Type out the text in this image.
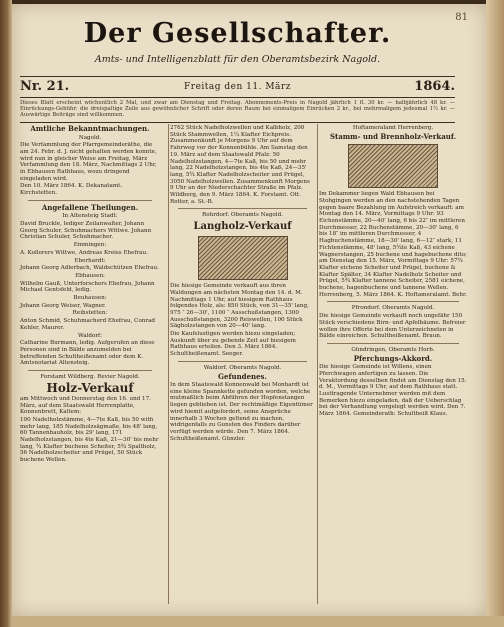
81
Der Gesellschafter.
Amts- und Intelligenzblatt für den Oberamtsbezirk Nagold.
Nr. 21.	Freitag den 11. März	1864.
Dieses Blatt erscheint wöchentlich 2 Mal, und zwar am Dienstag und Freitag. Abonnements-Preis in Nagold jährlich 1 fl. 30 kr. — halbjährlich 48 kr. — Einrückungs-Gebühr: die dreispaltige Zeile aus gewöhnlicher Schrift oder deren Raum bei einmaligem Einrücken 2 kr., bei mehrmaligem jedesmal 1½ kr. — Auswärtige Beiträge sind willkommen.

Amtliche Bekanntmachungen.

Nagold.

Die Verfammlung der Pfarrgemeinderäthe, die am 24. Febr. d. J. nicht gehalten werden konnte, wird nun in gleicher Weise am Freitag, März Verfammlung den 18. März, Nachmittags 2 Uhr, in Ebhausen Rathhaus, wozu dringend eingeladen wird.

Den 10. März 1864. K. Dekanatamt. Kirchstetten.

Angefallene Theilungen.

In Altensteig Stadt:

David Bruckle, lediger Zeilanwalter, Johann Georg Schuler, Schuhmachers Wittwe. Johann Christian Schuler, Schuhmacher.

Emmingen:

A. Kollerers Wittwe, Andreas Kreiss Ehefrau.

Eberhardt:

Johann Georg Adlerbach, Waldschützen Ehefrau.

Ebhausen:

Wilhelm Gauß, Unterforschers Ehefrau, Johann Michael Gentsfeld, ledig.

Beuhausen:

Johann Georg Weiser, Wagner.

Reihstetten:

Anton Schmid, Schuhmacherd Ehefrau, Conrad Kehler, Maurer.

Waldorf:

Catharine Burmann, ledig. Aufgerufen an diese Personen sind in Bälde anzumelden bei betreffenden Schultheißenamt oder dem K. Amtsnotariat Altensteig.

Forstamt Wildberg. Revier Nagold.

Holz-Verkauf

am Mittwoch und Donnerstag den 16. und 17. März, auf dem Staatswald Herrenplatte, Konnenbrett, Kaltem:

190 Nadelholzstämme, 4—7te Kaß, bis 50 with mehr lang, 185 Nadelholzsägmaße, bis 48' lang, 60 Tannenbauholz, bis 29' lang, 171 Nadelholzstangen, bis 4te Kaß, 21—30' bis mehr lang, ¾ Klafter buchene Scheiter, 5¾ Spaltholz, 56 Nadelholzscheiter und Prügel, 50 Stück buchene Wellen.

2762 Stück Nadelholzwellen und Kalbholz, 200 Stück Stammwellen, 1¼ Klafter Eichpreis. Zusammenkunft je Morgens 9 Uhr auf dem Fahrweg vor der Konnenbühle. Am Samstag den 19. März auf dem Staatswald Pfalz: 50 Nadelholzstangen, 4—7te Kaß, bis 50 und mehr lang, 22 Nadelholzstangen, bis 4te Kaß, 24—35' lang, 5¾ Klafter Nadelholzscheiter und Prügel, 3050 Nadelholzwellen. Zusammenkunft Morgens 9 Uhr an der Niederschachter Straße im Pfalz. Wildberg, den 9. März 1864. K. Forstamt. Ott. Rotter, a. St.-B.

Rohrdorf. Oberamts Nagold.

Langholz-Verkauf

Die hiesige Gemeinde verkauft aus ihren Waldungen am nächsten Montag den 14. d. M. Nachmittags 1 Uhr, auf hiesigem Rathhaus folgendes Holz, als: 850 Stück, von 31—35' lang, 975 ″ 26—30', 1100 ″ Ausschußstangen, 1300 Ausschußstangen, 3200 Reiswellen, 100 Stück Sägholzstangen von 20—40' lang.

Die Kaufslustigen werden hiezu eingeladen; Auskunft über zu gebende Zeit auf hiesigem Rathhaus erteilen. Den 3. März 1864. Schultheißenamt. Seeger.

Waldorf. Oberamts Nagold.

Gefundenes.

In dem Staatswald Konnenwald bei Monhardt ist eine kleine Spannkette gefunden worden, welche mutmaßlich beim Abführen der Hopfenstangen liegen geblieben ist. Der rechtmäßige Eigentümer wird hiemit aufgefordert, seine Ansprüche innerhalb 3 Wochen geltend zu machen, widrigenfalls zu Gunsten des Finders darüber verfügt werden würde. Den 7. März 1864. Schultheißenamt. Günzler.

Hoftameralamt Herrenberg.

Stamm- und Brennholz-Verkauf.

Im Dekammer liegen Wald Ebhausen bei Stohgingen werden an den nachstehenden Tagen gegen baare Bezahlung im Aufstreich verkauft: am Montag den 14. März, Vormittags 9 Uhr: 93 Eichenstämme, 20—40' lang, 6 bis 22″ im mittleren Durchmesser, 22 Buchenstämme, 20—30' lang, 6 bis 18″ im mittleren Durchmesser, 4 Hagbuchenstämme, 18—30' lang, 6—12″ stark, 11 Fichtenstämme, 48' lang, 5¾te Kaß, 43 eichene Wagnerstangen, 25 buchene und hagebuchene dito; am Dienstag den 15. März, Vormittags 9 Uhr: 57¾ Klafter eichene Scheiter und Prügel, buchene & Klafter Spälter, 34 Klafter Nadelholz Scheiter und Prügel, 5¾ Klafter tannene Scheiter, 2581 eichene, buchene, hagenbuchene und tannene Wellen. Herrenberg, 5. März 1864. K. Hoftameralamt. Behr.

Pfrondorf. Oberamts Nagold.

Die hiesige Gemeinde verkauft noch ungefähr 150 Stück verschiedene Birn- und Apfelbäume. Befreier wollen ihre Offerte bei dem Unterzeichneten in Bälde einreichen. Schultheißenamt. Braun.

Gündringen, Oberamts Horb.

Pferchungs-Akkord.

Die hiesige Gemeinde ist Willens, einen Pferchwagen anfertigen zu lassen. Die Veraktordung desselben findet am Dienstag den 15. d. M., Vormittags 9 Uhr, auf dem Rathhaus statt. Lusttragende Unternehmer werden mit dem Bemerken hiezu eingeladen, daß der Ueberschlag bei der Verhandlung vorgelegt werden wird. Den 7. März 1864. Gemeinderath: Schultheiß Klaus.
